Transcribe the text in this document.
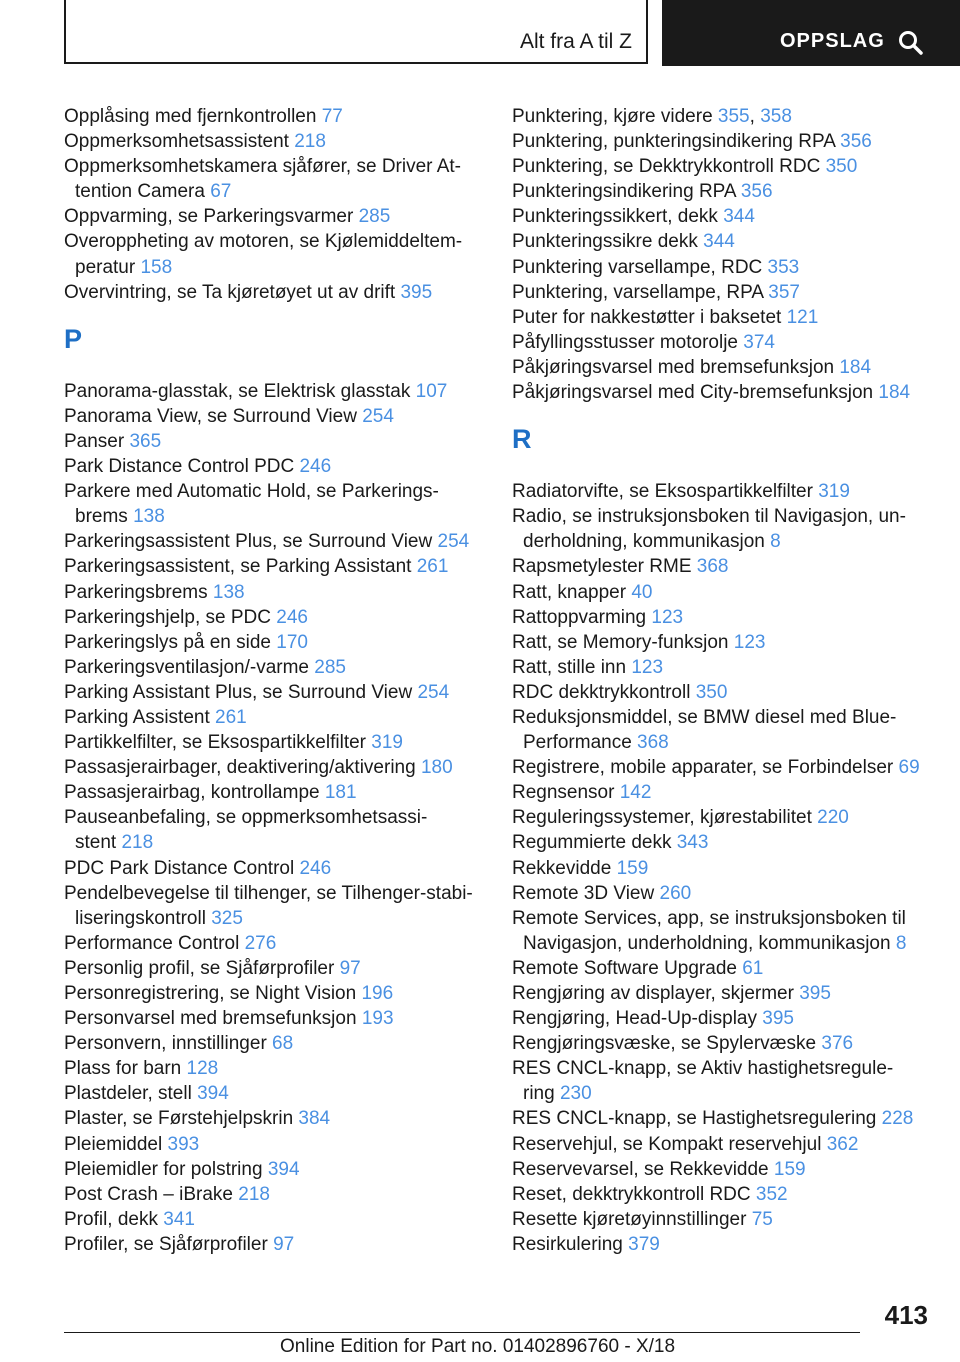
Alt fra A til Z	OPPSLAG
Opplåsing med fjernkontrollen 77
Oppmerksomhetsassistent 218
Oppmerksomhetskamera sjåfører, se Driver At-
tention Camera 67
Oppvarming, se Parkeringsvarmer 285
Overoppheting av motoren, se Kjølemiddeltem-
peratur 158
Overvintring, se Ta kjøretøyet ut av drift 395
P
Panorama-glasstak, se Elektrisk glasstak 107
Panorama View, se Surround View 254
Panser 365
Park Distance Control PDC 246
Parkere med Automatic Hold, se Parkerings-
brems 138
Parkeringsassistent Plus, se Surround View 254
Parkeringsassistent, se Parking Assistant 261
Parkeringsbrems 138
Parkeringshjelp, se PDC 246
Parkeringslys på en side 170
Parkeringsventilasjon/-varme 285
Parking Assistant Plus, se Surround View 254
Parking Assistent 261
Partikkelfilter, se Eksospartikkelfilter 319
Passasjerairbager, deaktivering/aktivering 180
Passasjerairbag, kontrollampe 181
Pauseanbefaling, se oppmerksomhetsassi-
stent 218
PDC Park Distance Control 246
Pendelbevegelse til tilhenger, se Tilhenger-stabi-
liseringskontroll 325
Performance Control 276
Personlig profil, se Sjåførprofiler 97
Personregistrering, se Night Vision 196
Personvarsel med bremsefunksjon 193
Personvern, innstillinger 68
Plass for barn 128
Plastdeler, stell 394
Plaster, se Førstehjelpskrin 384
Pleiemiddel 393
Pleiemidler for polstring 394
Post Crash – iBrake 218
Profil, dekk 341
Profiler, se Sjåførprofiler 97
Punktering, kjøre videre 355, 358
Punktering, punkteringsindikering RPA 356
Punktering, se Dekktrykkontroll RDC 350
Punkteringsindikering RPA 356
Punkteringssikkert, dekk 344
Punkteringssikre dekk 344
Punktering varsellampe, RDC 353
Punktering, varsellampe, RPA 357
Puter for nakkestøtter i baksetet 121
Påfyllingsstusser motorolje 374
Påkjøringsvarsel med bremsefunksjon 184
Påkjøringsvarsel med City-bremsefunksjon 184
R
Radiatorvifte, se Eksospartikkelfilter 319
Radio, se instruksjonsboken til Navigasjon, un-
derholdning, kommunikasjon 8
Rapsmetylester RME 368
Ratt, knapper 40
Rattoppvarming 123
Ratt, se Memory-funksjon 123
Ratt, stille inn 123
RDC dekktrykkontroll 350
Reduksjonsmiddel, se BMW diesel med Blue-
Performance 368
Registrere, mobile apparater, se Forbindelser 69
Regnsensor 142
Reguleringssystemer, kjørestabilitet 220
Regummierte dekk 343
Rekkevidde 159
Remote 3D View 260
Remote Services, app, se instruksjonsboken til
Navigasjon, underholdning, kommunikasjon 8
Remote Software Upgrade 61
Rengjøring av displayer, skjermer 395
Rengjøring, Head-Up-display 395
Rengjøringsvæske, se Spylervæske 376
RES CNCL-knapp, se Aktiv hastighetsregule-
ring 230
RES CNCL-knapp, se Hastighetsregulering 228
Reservehjul, se Kompakt reservehjul 362
Reservevarsel, se Rekkevidde 159
Reset, dekktrykkontroll RDC 352
Resette kjøretøyinnstillinger 75
Resirkulering 379
413
Online Edition for Part no. 01402896760 - X/18
